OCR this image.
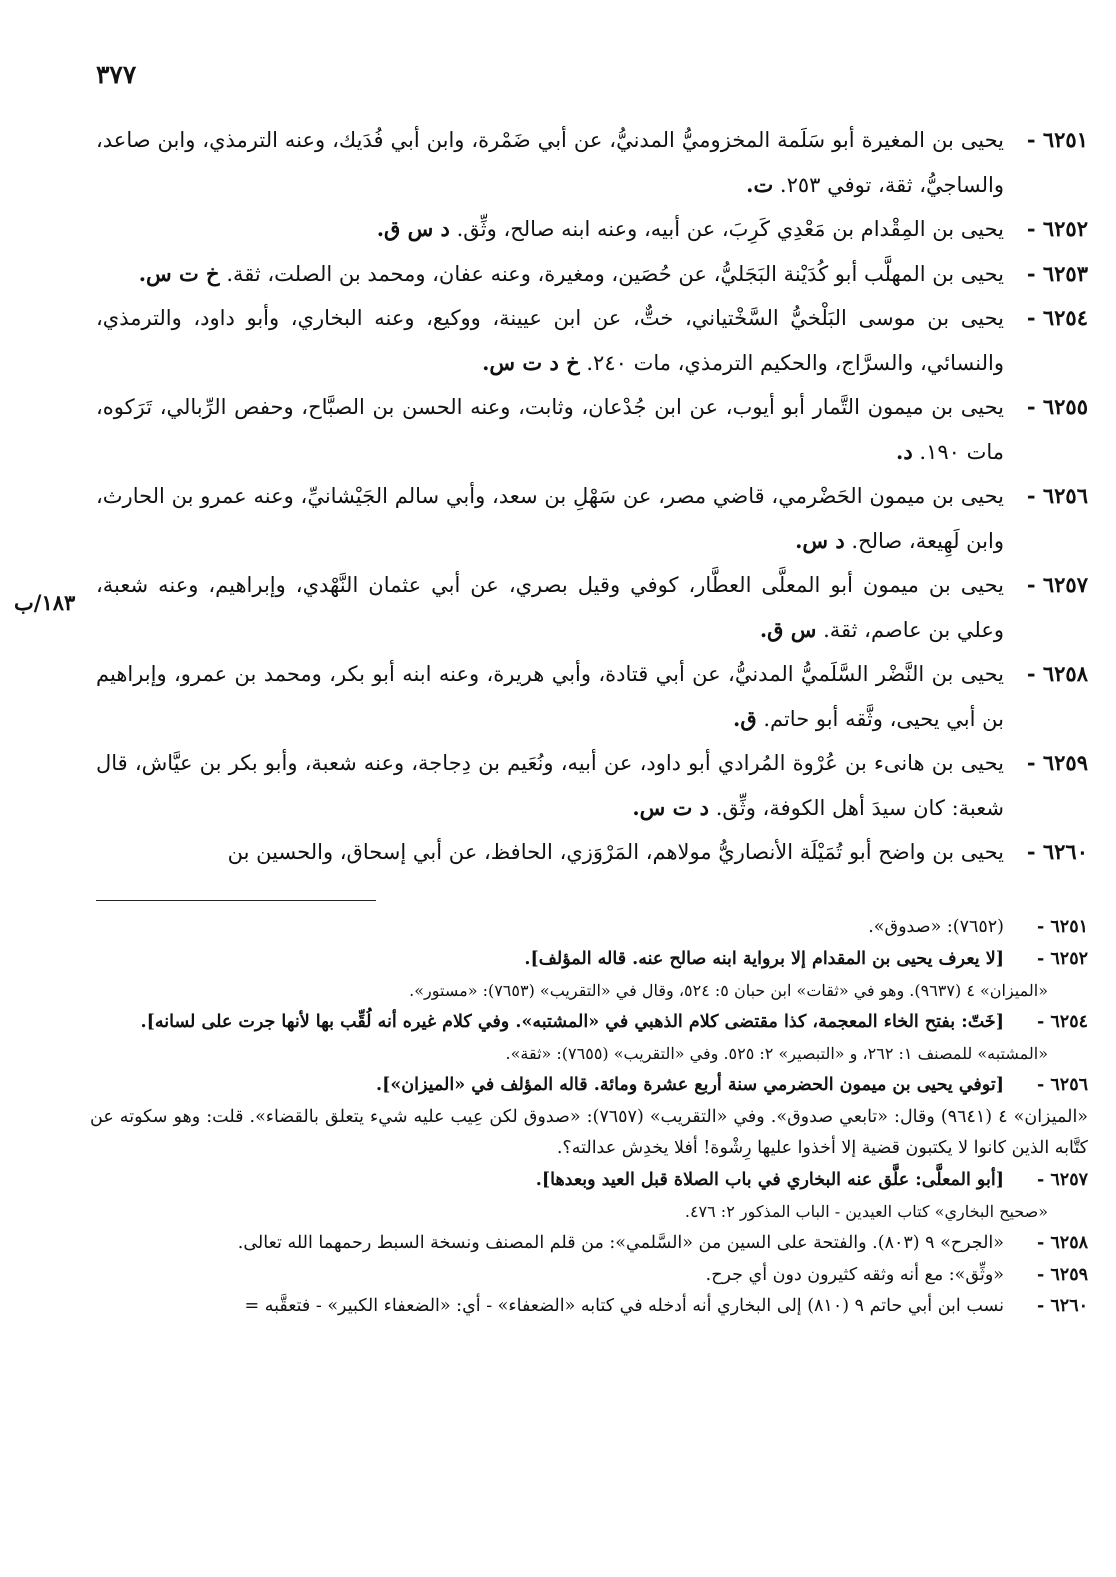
٣٧٧
١٨٣/ب
٦٢٥١ -
يحيى بن المغيرة أبو سَلَمة المخزوميُّ المدنيُّ، عن أبي ضَمْرة، وابن أبي فُدَيك، وعنه الترمذي، وابن صاعد، والساجيُّ، ثقة، توفي ٢٥٣. ت.
٦٢٥٢ -
يحيى بن المِقْدام بن مَعْدِي كَرِبَ، عن أبيه، وعنه ابنه صالح، وثِّق. د س ق.
٦٢٥٣ -
يحيى بن المهلَّب أبو كُدَيْنة البَجَليُّ، عن حُصَين، ومغيرة، وعنه عفان، ومحمد بن الصلت، ثقة. خ ت س.
٦٢٥٤ -
يحيى بن موسى البَلْخيُّ السَّخْتياني، ختٌّ، عن ابن عيينة، ووكيع، وعنه البخاري، وأبو داود، والترمذي، والنسائي، والسرَّاج، والحكيم الترمذي، مات ٢٤٠. خ د ت س.
٦٢٥٥ -
يحيى بن ميمون التَّمار أبو أيوب، عن ابن جُدْعان، وثابت، وعنه الحسن بن الصبَّاح، وحفص الرِّبالي، تَرَكوه، مات ١٩٠. د.
٦٢٥٦ -
يحيى بن ميمون الحَضْرمي، قاضي مصر، عن سَهْلِ بن سعد، وأبي سالم الجَيْشانيِّ، وعنه عمرو بن الحارث، وابن لَهِيعة، صالح. د س.
٦٢٥٧ -
يحيى بن ميمون أبو المعلَّى العطَّار، كوفي وقيل بصري، عن أبي عثمان النَّهْدي، وإبراهيم، وعنه شعبة، وعلي بن عاصم، ثقة. س ق.
٦٢٥٨ -
يحيى بن النَّضْر السَّلَميُّ المدنيُّ، عن أبي قتادة، وأبي هريرة، وعنه ابنه أبو بكر، ومحمد بن عمرو، وإبراهيم بن أبي يحيى، وثَّقه أبو حاتم. ق.
٦٢٥٩ -
يحيى بن هانىء بن عُرْوة المُرادي أبو داود، عن أبيه، ونُعَيم بن دِجاجة، وعنه شعبة، وأبو بكر بن عيَّاش، قال شعبة: كان سيدَ أهل الكوفة، وثِّق. د ت س.
٦٢٦٠ -
يحيى بن واضح أبو تُمَيْلَة الأنصاريُّ مولاهم، المَرْوَزي، الحافظ، عن أبي إسحاق، والحسين بن
٦٢٥١ -
(٧٦٥٢): «صدوق».
٦٢٥٢ -
[لا يعرف يحيى بن المقدام إلا برواية ابنه صالح عنه. قاله المؤلف].
«الميزان» ٤ (٩٦٣٧). وهو في «ثقات» ابن حبان ٥: ٥٢٤، وقال في «التقريب» (٧٦٥٣): «مستور».
٦٢٥٤ -
[خَتّ: بفتح الخاء المعجمة، كذا مقتضى كلام الذهبي في «المشتبه». وفي كلام غيره أنه لُقِّب بها لأنها جرت على لسانه].
«المشتبه» للمصنف ١: ٢٦٢، و «التبصير» ٢: ٥٢٥. وفي «التقريب» (٧٦٥٥): «ثقة».
٦٢٥٦ -
[توفي يحيى بن ميمون الحضرمي سنة أربع عشرة ومائة. قاله المؤلف في «الميزان»].
«الميزان» ٤ (٩٦٤١) وقال: «تابعي صدوق». وفي «التقريب» (٧٦٥٧): «صدوق لكن عِيب عليه شيء يتعلق بالقضاء». قلت: وهو سكوته عن كتَّابه الذين كانوا لا يكتبون قضية إلا أخذوا عليها رِشْوة! أفلا يخدِش عدالته؟.
٦٢٥٧ -
[أبو المعلَّى: علَّق عنه البخاري في باب الصلاة قبل العيد وبعدها].
«صحيح البخاري» كتاب العيدين - الباب المذكور ٢: ٤٧٦.
٦٢٥٨ -
«الجرح» ٩ (٨٠٣). والفتحة على السين من «السَّلمي»: من قلم المصنف ونسخة السبط رحمهما الله تعالى.
٦٢٥٩ -
«وثِّق»: مع أنه وثقه كثيرون دون أي جرح.
٦٢٦٠ -
نسب ابن أبي حاتم ٩ (٨١٠) إلى البخاري أنه أدخله في كتابه «الضعفاء» - أي: «الضعفاء الكبير» - فتعقَّبه =
